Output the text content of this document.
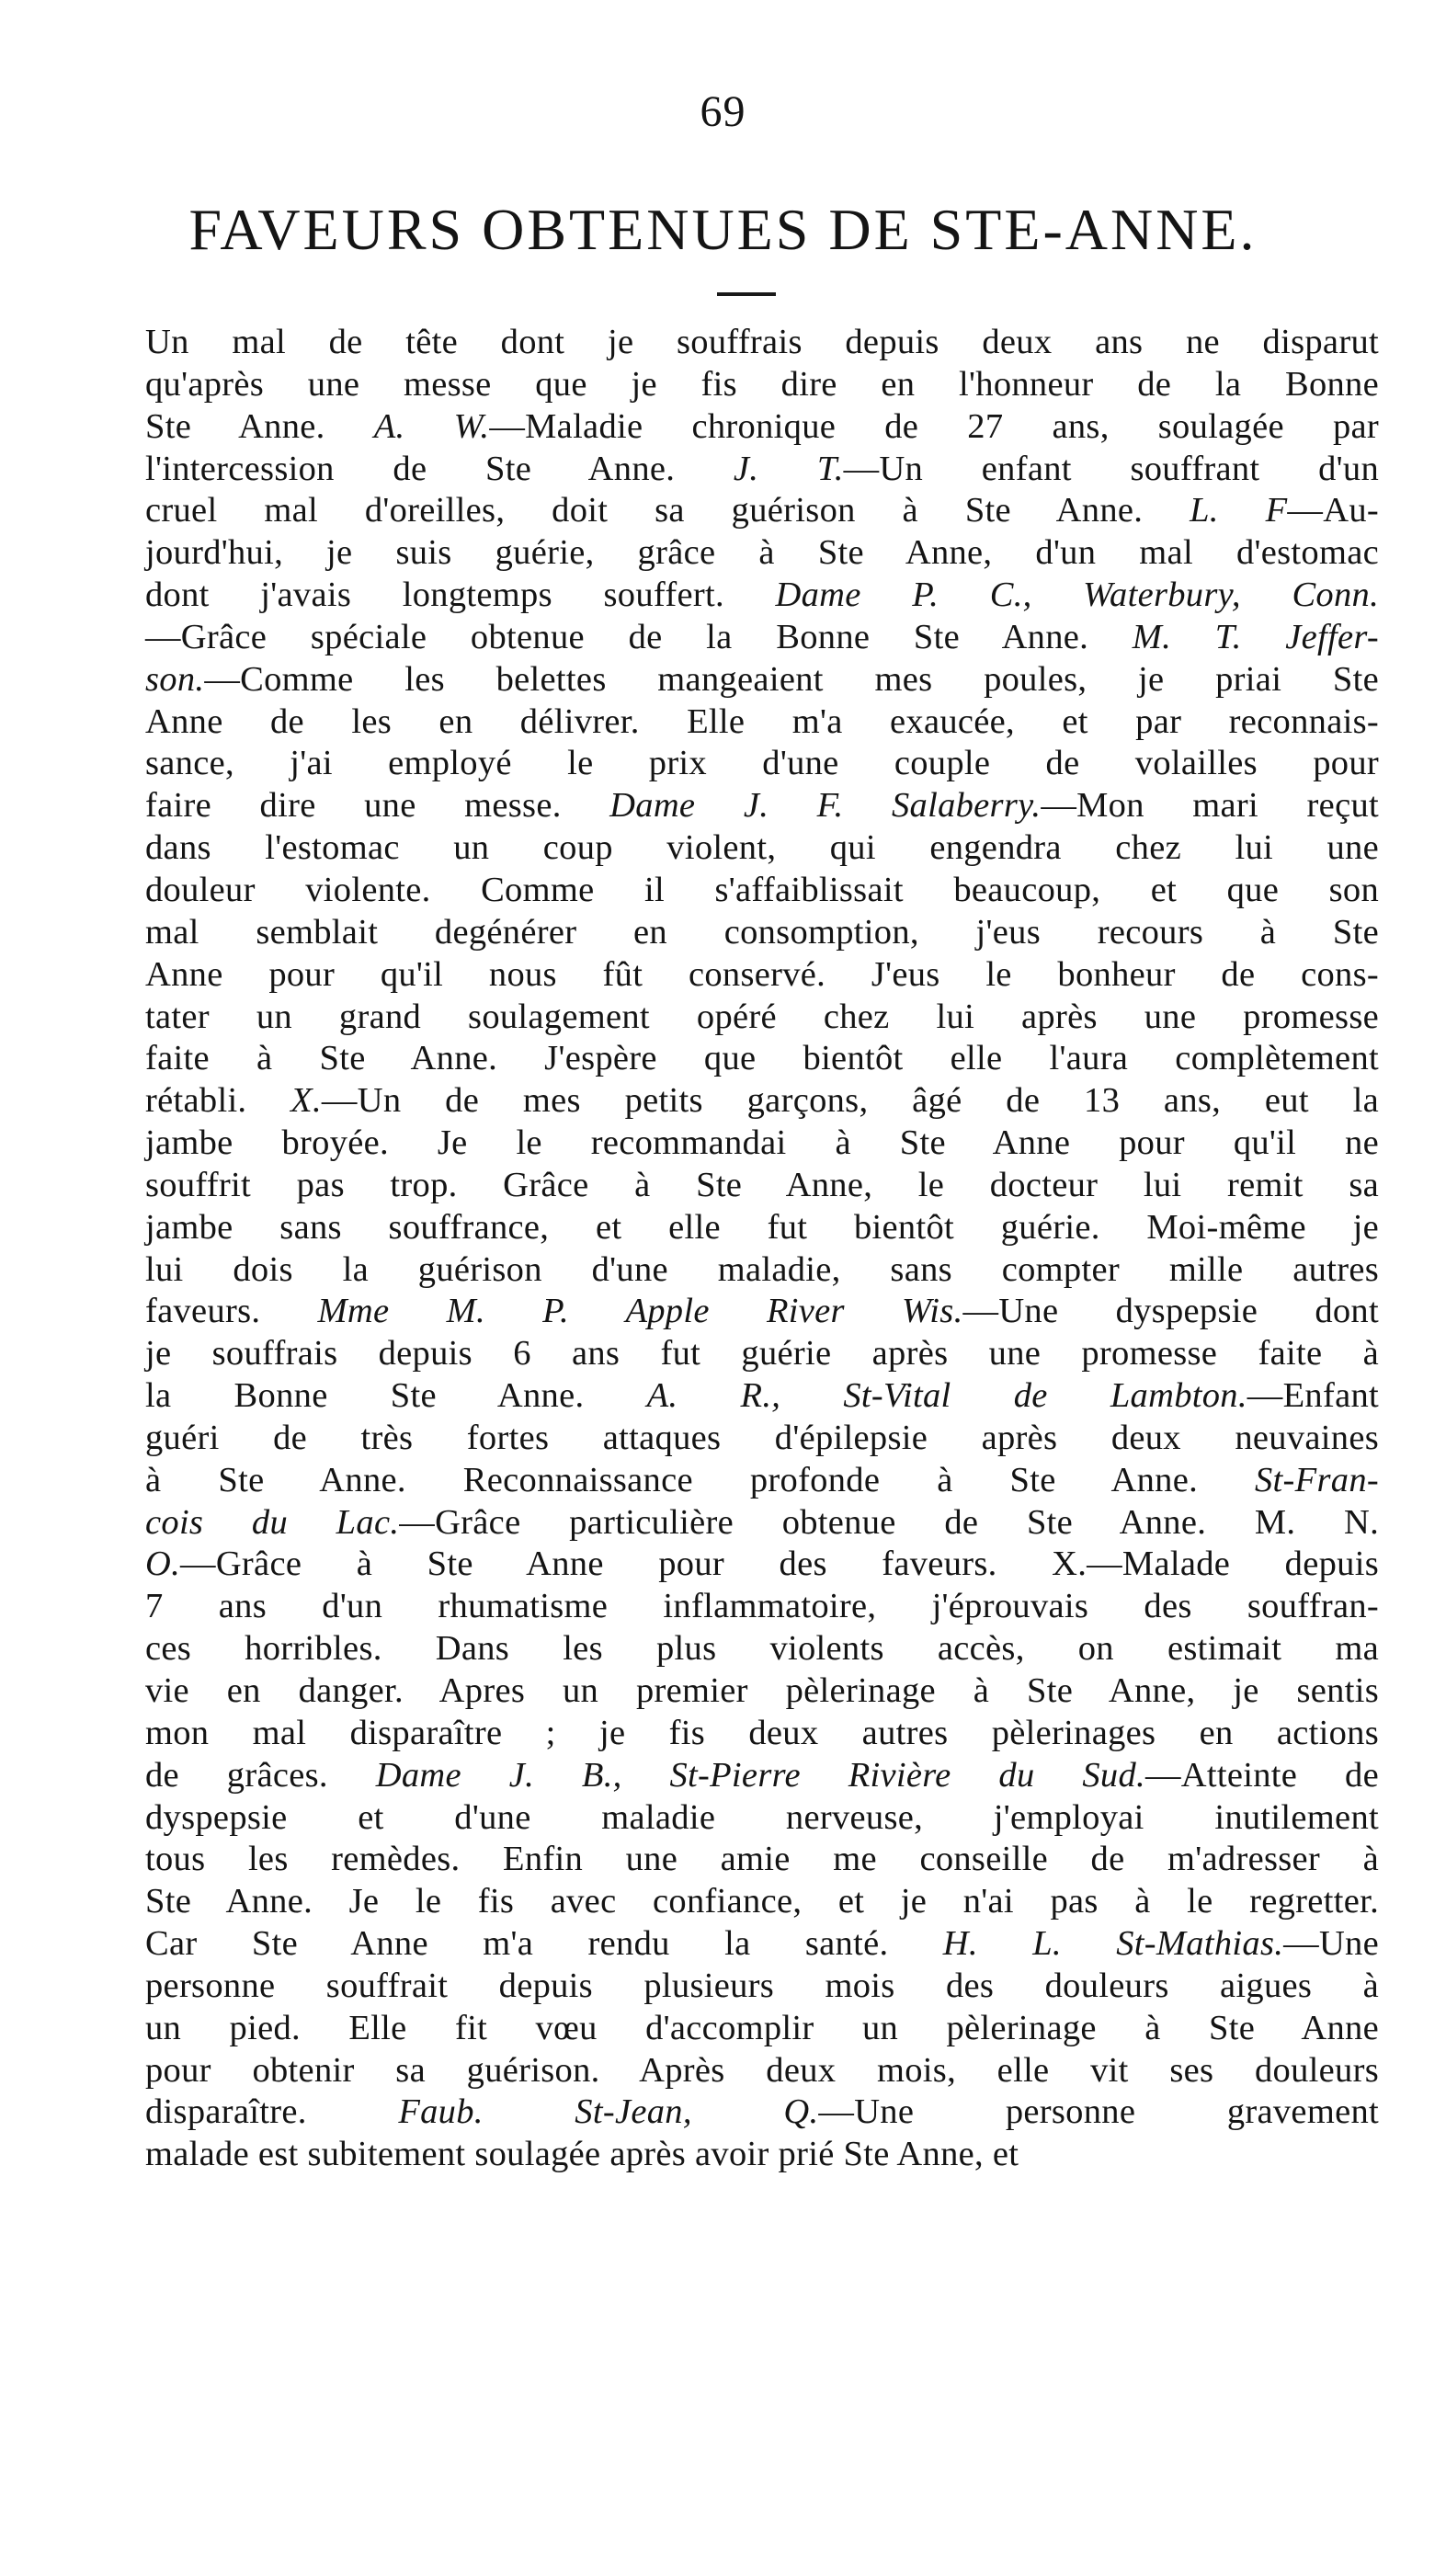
69
FAVEURS OBTENUES DE STE-ANNE.
Un mal de tête dont je souffrais depuis deux ans ne disparut
qu'après une messe que je fis dire en l'honneur de la Bonne
Ste Anne. A. W.—Maladie chronique de 27 ans, soulagée par
l'intercession de Ste Anne. J. T.—Un enfant souffrant d'un
cruel mal d'oreilles, doit sa guérison à Ste Anne. L. F—Au-
jourd'hui, je suis guérie, grâce à Ste Anne, d'un mal d'estomac
dont j'avais longtemps souffert. Dame P. C., Waterbury, Conn.
—Grâce spéciale obtenue de la Bonne Ste Anne. M. T. Jeffer-
son.—Comme les belettes mangeaient mes poules, je priai Ste
Anne de les en délivrer. Elle m'a exaucée, et par reconnais-
sance, j'ai employé le prix d'une couple de volailles pour
faire dire une messe. Dame J. F. Salaberry.—Mon mari reçut
dans l'estomac un coup violent, qui engendra chez lui une
douleur violente. Comme il s'affaiblissait beaucoup, et que son
mal semblait degénérer en consomption, j'eus recours à Ste
Anne pour qu'il nous fût conservé. J'eus le bonheur de cons-
tater un grand soulagement opéré chez lui après une promesse
faite à Ste Anne. J'espère que bientôt elle l'aura complètement
rétabli. X.—Un de mes petits garçons, âgé de 13 ans, eut la
jambe broyée. Je le recommandai à Ste Anne pour qu'il ne
souffrit pas trop. Grâce à Ste Anne, le docteur lui remit sa
jambe sans souffrance, et elle fut bientôt guérie. Moi-même je
lui dois la guérison d'une maladie, sans compter mille autres
faveurs. Mme M. P. Apple River Wis.—Une dyspepsie dont
je souffrais depuis 6 ans fut guérie après une promesse faite à
la Bonne Ste Anne. A. R., St-Vital de Lambton.—Enfant
guéri de très fortes attaques d'épilepsie après deux neuvaines
à Ste Anne. Reconnaissance profonde à Ste Anne. St-Fran-
cois du Lac.—Grâce particulière obtenue de Ste Anne. M. N.
O.—Grâce à Ste Anne pour des faveurs. X.—Malade depuis
7 ans d'un rhumatisme inflammatoire, j'éprouvais des souffran-
ces horribles. Dans les plus violents accès, on estimait ma
vie en danger. Apres un premier pèlerinage à Ste Anne, je sentis
mon mal disparaître ; je fis deux autres pèlerinages en actions
de grâces. Dame J. B., St-Pierre Rivière du Sud.—Atteinte de
dyspepsie et d'une maladie nerveuse, j'employai inutilement
tous les remèdes. Enfin une amie me conseille de m'adresser à
Ste Anne. Je le fis avec confiance, et je n'ai pas à le regretter.
Car Ste Anne m'a rendu la santé. H. L. St-Mathias.—Une
personne souffrait depuis plusieurs mois des douleurs aigues à
un pied. Elle fit vœu d'accomplir un pèlerinage à Ste Anne
pour obtenir sa guérison. Après deux mois, elle vit ses douleurs
disparaître. Faub. St-Jean, Q.—Une personne gravement
malade est subitement soulagée après avoir prié Ste Anne, et
